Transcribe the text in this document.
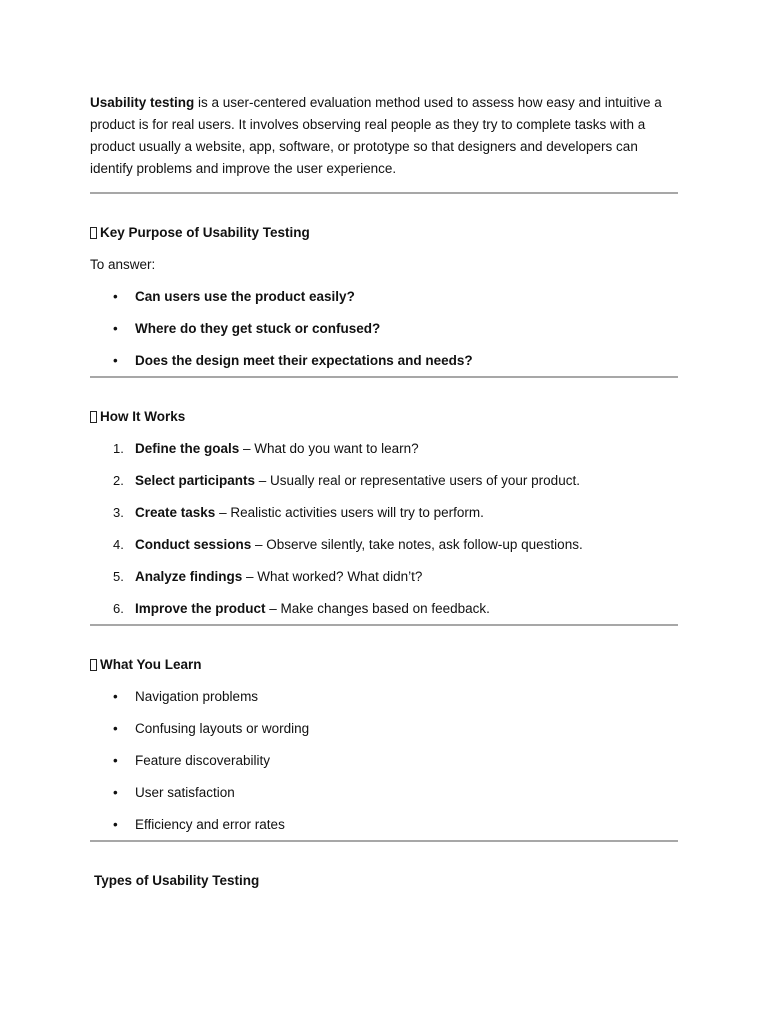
Usability testing is a user-centered evaluation method used to assess how easy and intuitive a product is for real users. It involves observing real people as they try to complete tasks with a product usually a website, app, software, or prototype so that designers and developers can identify problems and improve the user experience.

Key Purpose of Usability Testing

To answer:

• Can users use the product easily?
• Where do they get stuck or confused?
• Does the design meet their expectations and needs?
How It Works
1. Define the goals – What do you want to learn?
2. Select participants – Usually real or representative users of your product.
3. Create tasks – Realistic activities users will try to perform.
4. Conduct sessions – Observe silently, take notes, ask follow-up questions.
5. Analyze findings – What worked? What didn’t?
6. Improve the product – Make changes based on feedback.
What You Learn
• Navigation problems
• Confusing layouts or wording
• Feature discoverability
• User satisfaction
• Efficiency and error rates
Types of Usability Testing
